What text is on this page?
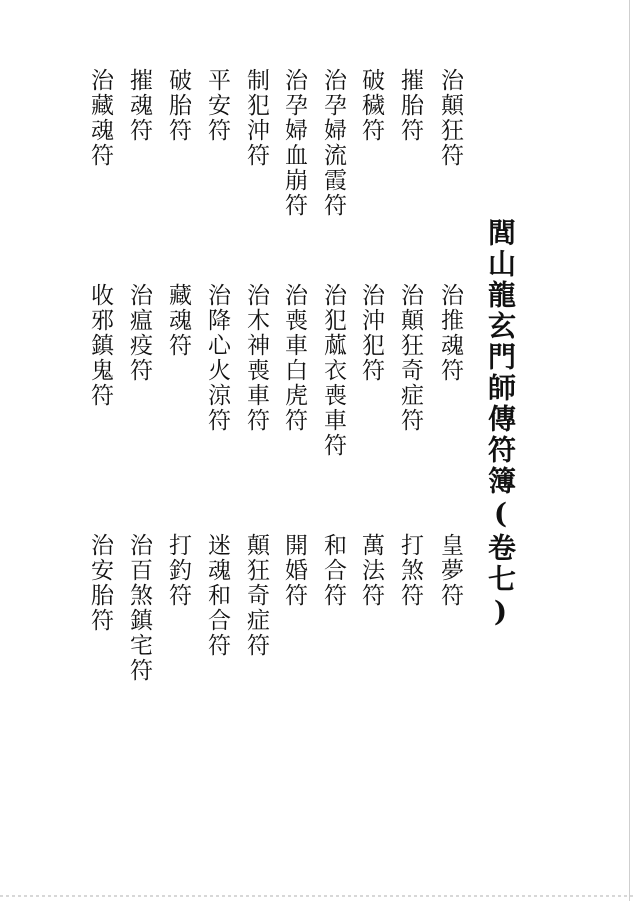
閭山龍玄門師傳符簿(卷七)
治顛狂符
摧胎符
破穢符
治孕婦流霞符
治孕婦血崩符
制犯沖符
平安符
破胎符
摧魂符
治藏魂符
治推魂符
治顛狂奇症符
治沖犯符
治犯蓏衣喪車符
治喪車白虎符
治木神喪車符
治降心火涼符
藏魂符
治瘟疫符
收邪鎮鬼符
皇夢符
打煞符
萬法符
和合符
開婚符
顛狂奇症符
迷魂和合符
打釣符
治百煞鎮宅符
治安胎符
